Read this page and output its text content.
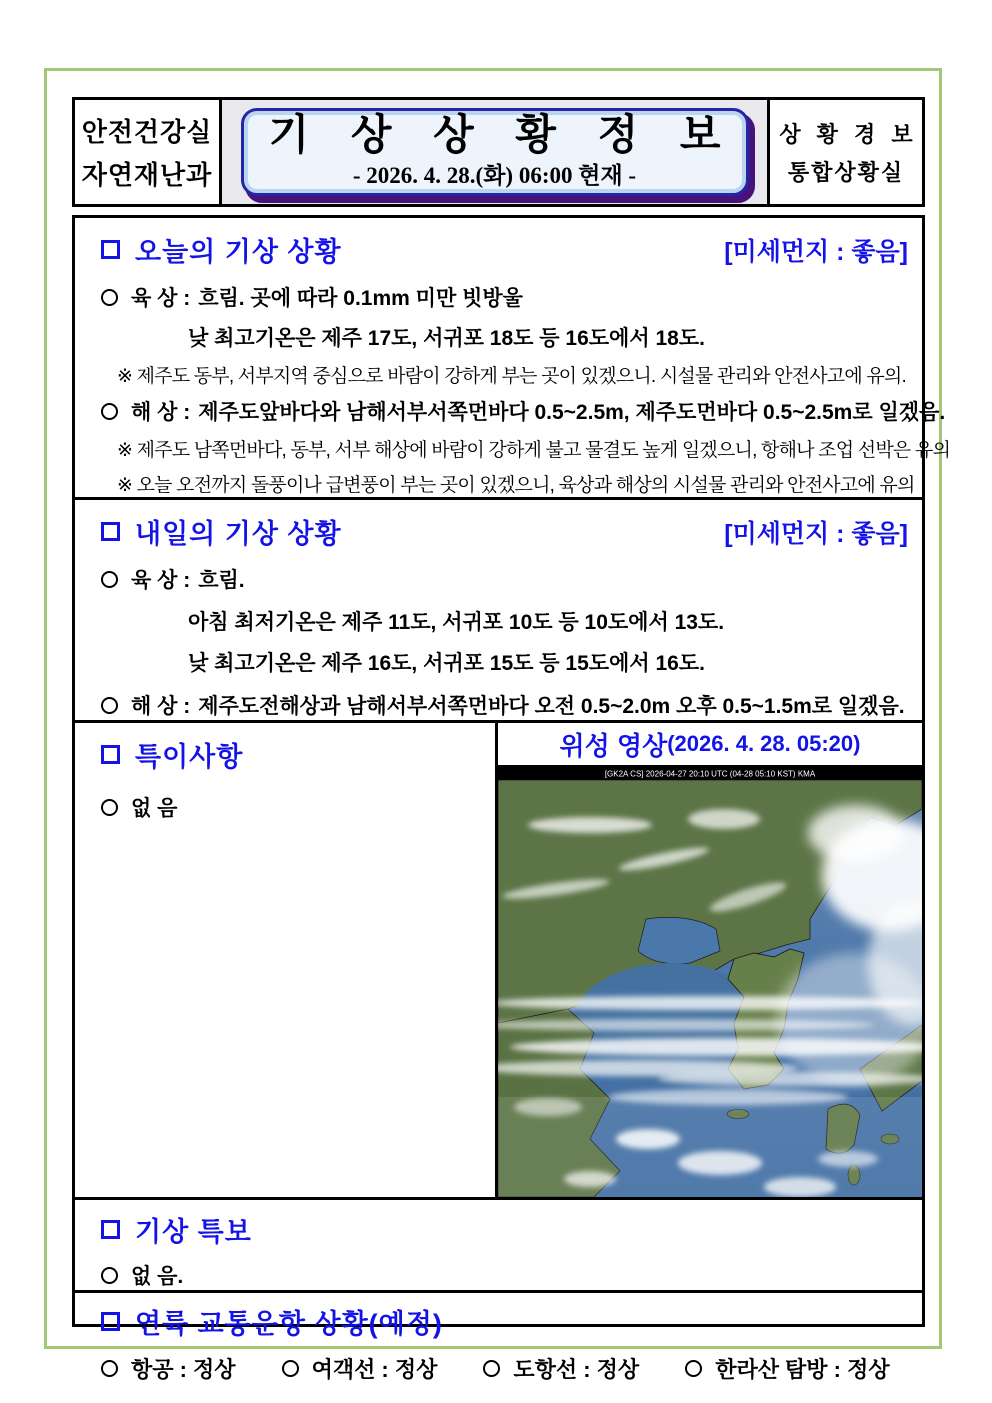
안전건강실
자연재난과
기 상 상 황 정 보
- 2026. 4. 28.(화) 06:00 현재 -
상 황 경 보
통합상황실
오늘의 기상 상황	[미세먼지 : 좋음]
육 상 : 흐림. 곳에 따라 0.1mm 미만 빗방울
낮 최고기온은 제주 17도, 서귀포 18도 등 16도에서 18도.
※ 제주도 동부, 서부지역 중심으로 바람이 강하게 부는 곳이 있겠으니. 시설물 관리와 안전사고에 유의.
해 상 : 제주도앞바다와 남해서부서쪽먼바다 0.5~2.5m, 제주도먼바다 0.5~2.5m로 일겠음.
※ 제주도 남쪽먼바다, 동부, 서부 해상에 바람이 강하게 불고 물결도 높게 일겠으니, 항해나 조업 선박은 유의
※ 오늘 오전까지 돌풍이나 급변풍이 부는 곳이 있겠으니, 육상과 해상의 시설물 관리와 안전사고에 유의
내일의 기상 상황	[미세먼지 : 좋음]
육 상 : 흐림.
아침 최저기온은 제주 11도, 서귀포 10도 등 10도에서 13도.
낮 최고기온은 제주 16도, 서귀포 15도 등 15도에서 16도.
해 상 : 제주도전해상과 남해서부서쪽먼바다 오전 0.5~2.0m 오후 0.5~1.5m로 일겠음.
특이사항
없 음
위성 영상 (2026. 4. 28. 05:20)
[GK2A CS] 2026-04-27 20:10 UTC (04-28 05:10 KST) KMA
기상 특보
없 음.
연륙 교통운항 상황(예정)
항공 : 정상	여객선 : 정상	도항선 : 정상	한라산 탐방 : 정상
